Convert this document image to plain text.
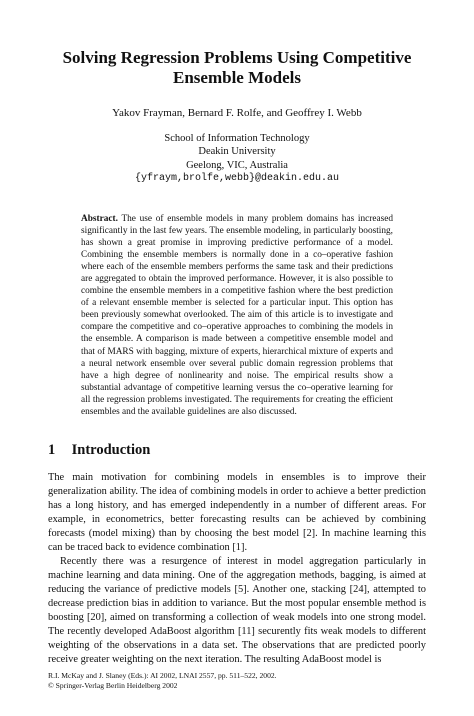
Solving Regression Problems Using Competitive
Ensemble Models
Yakov Frayman, Bernard F. Rolfe, and Geoffrey I. Webb
School of Information Technology
Deakin University
Geelong, VIC, Australia
{yfraym,brolfe,webb}@deakin.edu.au
Abstract. The use of ensemble models in many problem domains has increased significantly in the last few years. The ensemble modeling, in particularly boosting, has shown a great promise in improving predictive performance of a model. Combining the ensemble members is normally done in a co–operative fashion where each of the ensemble members performs the same task and their predictions are aggregated to obtain the improved performance. However, it is also possible to combine the ensemble members in a competitive fashion where the best prediction of a relevant ensemble member is selected for a particular input. This option has been previously somewhat overlooked. The aim of this article is to investigate and compare the competitive and co–operative approaches to combining the models in the ensemble. A comparison is made between a competitive ensemble model and that of MARS with bagging, mixture of experts, hierarchical mixture of experts and a neural network ensemble over several public domain regression problems that have a high degree of nonlinearity and noise. The empirical results show a substantial advantage of competitive learning versus the co–operative learning for all the regression problems investigated. The requirements for creating the efficient ensembles and the available guidelines are also discussed.
1 Introduction

The main motivation for combining models in ensembles is to improve their generalization ability. The idea of combining models in order to achieve a better prediction has a long history, and has emerged independently in a number of different areas. For example, in econometrics, better forecasting results can be achieved by combining forecasts (model mixing) than by choosing the best model [2]. In machine learning this can be traced back to evidence combination [1].

Recently there was a resurgence of interest in model aggregation particularly in machine learning and data mining. One of the aggregation methods, bagging, is aimed at reducing the variance of predictive models [5]. Another one, stacking [24], attempted to decrease prediction bias in addition to variance. But the most popular ensemble method is boosting [20], aimed on transforming a collection of weak models into one strong model. The recently developed AdaBoost algorithm [11] securently fits weak models to different weighting of the observations in a data set. The observations that are predicted poorly receive greater weighting on the next iteration. The resulting AdaBoost model is

R.I. McKay and J. Slaney (Eds.): AI 2002, LNAI 2557, pp. 511–522, 2002.
© Springer-Verlag Berlin Heidelberg 2002
